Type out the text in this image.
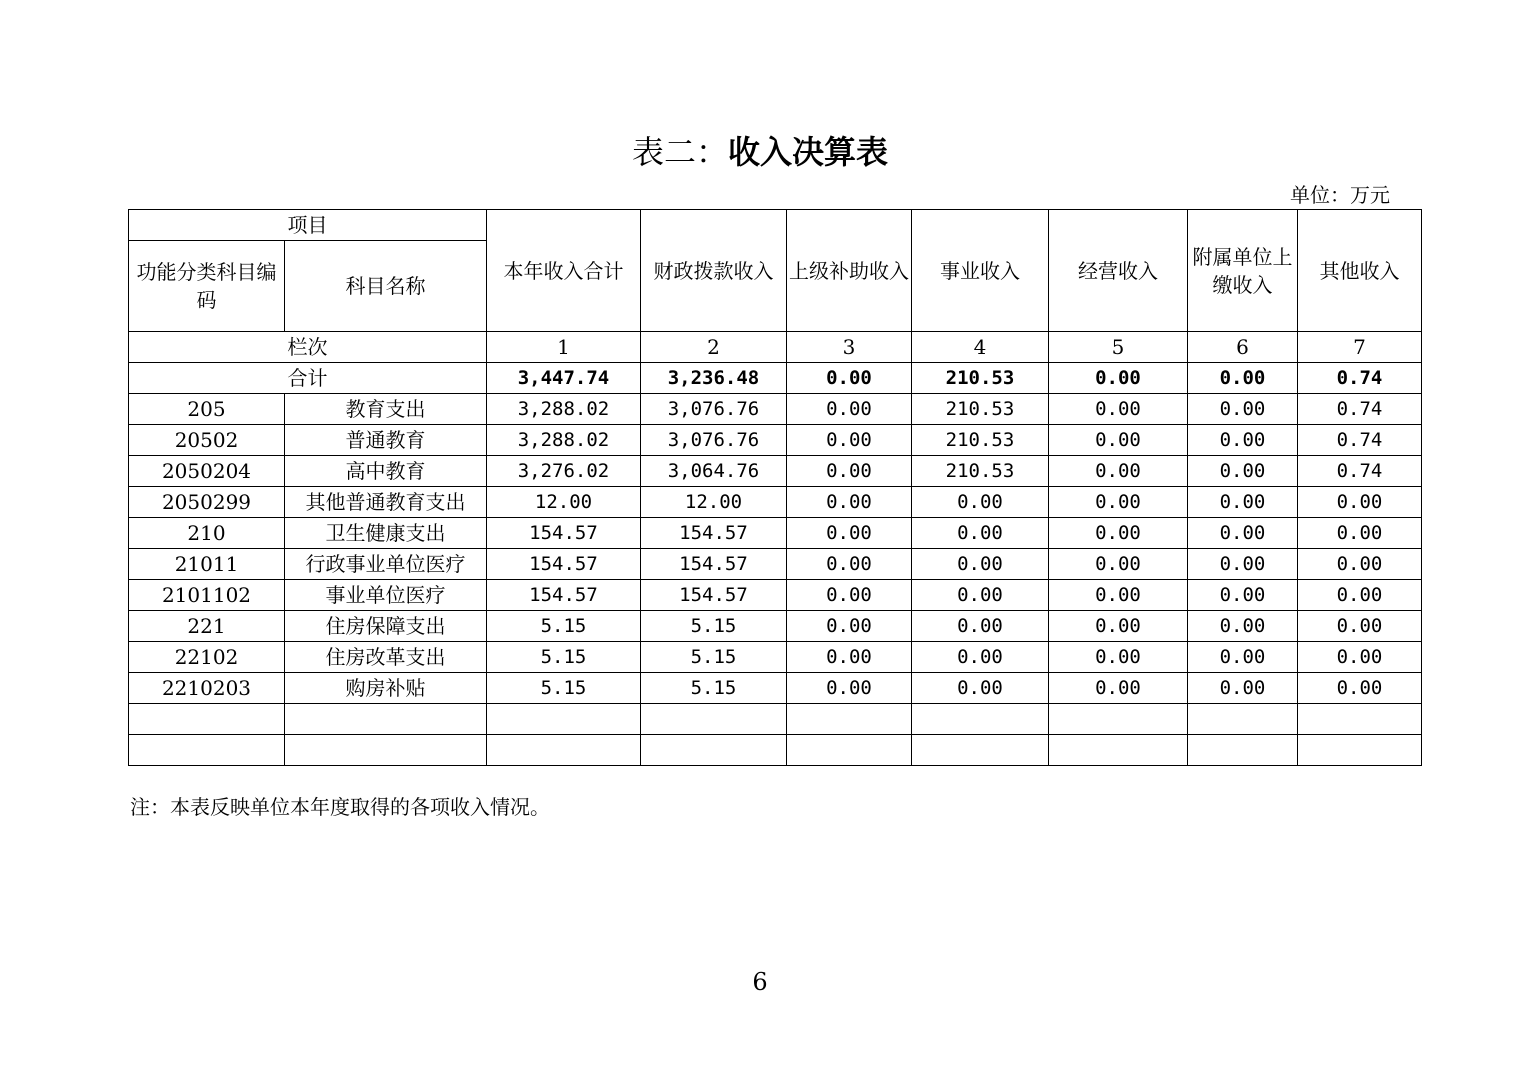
表二：收入决算表
单位：万元
项目		本年收入合计	财政拨款收入	上级补助收入	事业收入	经营收入	附属单位上缴收入	其他收入
功能分类科目编码	科目名称							
栏次		1	2	3	4	5	6	7
合计		3,447.74	3,236.48	0.00	210.53	0.00	0.00	0.74
205	教育支出	3,288.02	3,076.76	0.00	210.53	0.00	0.00	0.74
20502	普通教育	3,288.02	3,076.76	0.00	210.53	0.00	0.00	0.74
2050204	高中教育	3,276.02	3,064.76	0.00	210.53	0.00	0.00	0.74
2050299	其他普通教育支出	12.00	12.00	0.00	0.00	0.00	0.00	0.00
210	卫生健康支出	154.57	154.57	0.00	0.00	0.00	0.00	0.00
21011	行政事业单位医疗	154.57	154.57	0.00	0.00	0.00	0.00	0.00
2101102	事业单位医疗	154.57	154.57	0.00	0.00	0.00	0.00	0.00
221	住房保障支出	5.15	5.15	0.00	0.00	0.00	0.00	0.00
22102	住房改革支出	5.15	5.15	0.00	0.00	0.00	0.00	0.00
2210203	购房补贴	5.15	5.15	0.00	0.00	0.00	0.00	0.00

注：本表反映单位本年度取得的各项收入情况。
6
